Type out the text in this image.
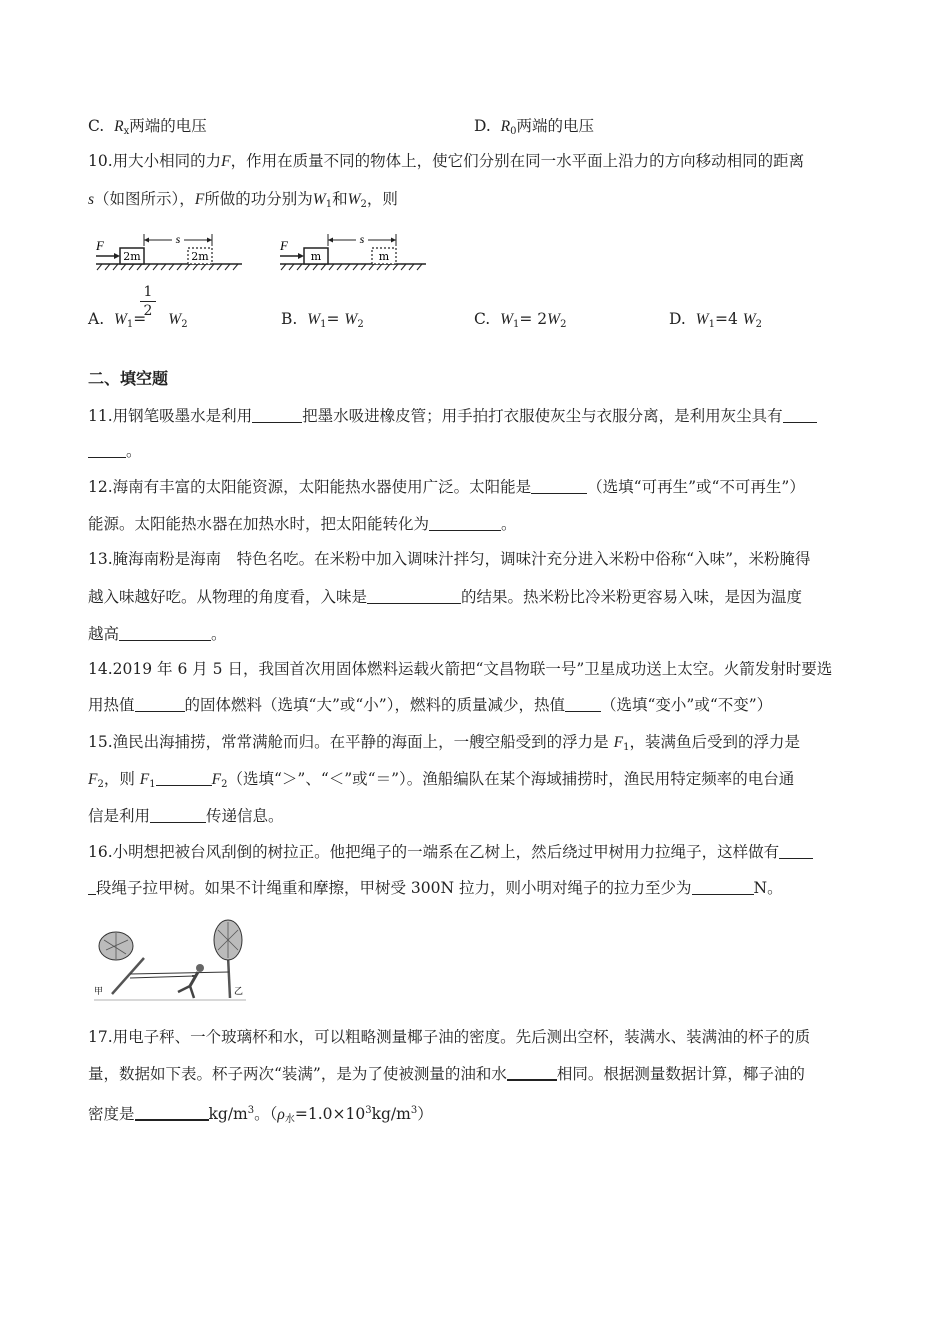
C. $R_x$两端的电压	D. $R_0$两端的电压
10.用大小相同的力F，作用在质量不同的物体上，使它们分别在同一水平面上沿力的方向移动相同的距离
s（如图所示），F所做的功分别为$W_1$和$W_2$，则
F
2m
s
2m
F
m
s
m
1
2
A. $W_1= W_2$	B. $W_1= W_2$	C. $W_1= 2W_2$	D. $W_1=4$ $W_2$
二、填空题
11.用钢笔吸墨水是利用	把墨水吸进橡皮管；用手拍打衣服使灰尘与衣服分离，是利用灰尘具有
。
12.海南有丰富的太阳能资源，太阳能热水器使用广泛。太阳能是	（选填“可再生”或“不可再生”）
能源。太阳能热水器在加热水时，把太阳能转化为	。
13.腌海南粉是海南　特色名吃。在米粉中加入调味汁拌匀，调味汁充分进入米粉中俗称“入味”，米粉腌得
越入味越好吃。从物理的角度看，入味是	的结果。热米粉比冷米粉更容易入味，是因为温度
越高	。
14.2019 年 6 月 5 日，我国首次用固体燃料运载火箭把“文昌物联一号”卫星成功送上太空。火箭发射时要选
用热值	的固体燃料（选填“大”或“小”），燃料的质量减少，热值 （选填“变小”或“不变”）
15.渔民出海捕捞，常常满舱而归。在平静的海面上，一艘空船受到的浮力是 $F_1$，装满鱼后受到的浮力是
$F_2$，则 $F_1$	$F_2$（选填“＞”、“＜”或“＝”）。渔船编队在某个海域捕捞时，渔民用特定频率的电台通
信是利用	传递信息。
16.小明想把被台风刮倒的树拉正。他把绳子的一端系在乙树上，然后绕过甲树用力拉绳子，这样做有
段绳子拉甲树。如果不计绳重和摩擦，甲树受 300N 拉力，则小明对绳子的拉力至少为	N。
甲	乙
17.用电子秤、一个玻璃杯和水，可以粗略测量椰子油的密度。先后测出空杯，装满水、装满油的杯子的质
量，数据如下表。杯子两次“装满”，是为了使被测量的油和水	相同。根据测量数据计算，椰子油的
密度是	$kg/m^3$。$(\rho_水=1.0\times 10^3kg/m^3)$
